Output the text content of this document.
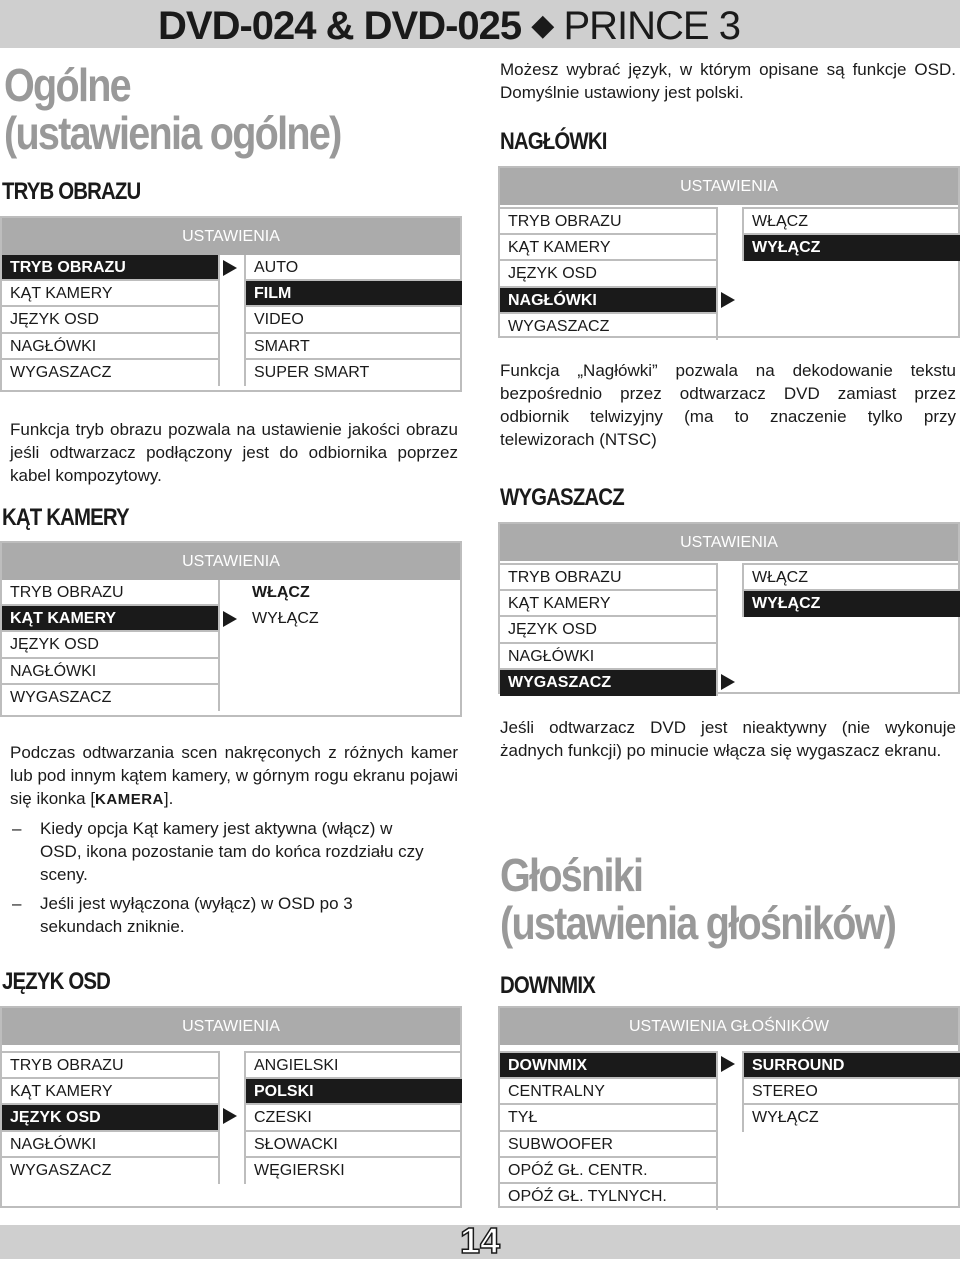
DVD-024 & DVD-025 ◆ PRINCE 3
Ogólne
(ustawienia ogólne)
TRYB OBRAZU
USTAWIENIA
TRYB OBRAZU
KĄT KAMERY
JĘZYK OSD
NAGŁÓWKI
WYGASZACZ
AUTO
FILM
VIDEO
SMART
SUPER SMART
Funkcja tryb obrazu pozwala na ustawienie jakości obrazu jeśli odtwarzacz podłączony jest do odbiornika poprzez kabel kompozytowy.
KĄT KAMERY
USTAWIENIA
TRYB OBRAZU
KĄT KAMERY
JĘZYK OSD
NAGŁÓWKI
WYGASZACZ
WŁĄCZ
WYŁĄCZ
Podczas odtwarzania scen nakręconych z różnych kamer lub pod innym kątem kamery, w górnym rogu ekranu pojawi się ikonka [KAMERA].
– Kiedy opcja Kąt kamery jest aktywna (włącz) w OSD, ikona pozostanie tam do końca rozdziału czy sceny.
– Jeśli jest wyłączona (wyłącz) w OSD po 3 sekundach zniknie.
JĘZYK OSD
USTAWIENIA
TRYB OBRAZU
KĄT KAMERY
JĘZYK OSD
NAGŁÓWKI
WYGASZACZ
ANGIELSKI
POLSKI
CZESKI
SŁOWACKI
WĘGIERSKI
Możesz wybrać język, w którym opisane są funkcje OSD. Domyślnie ustawiony jest polski.
NAGŁÓWKI
USTAWIENIA
TRYB OBRAZU
KĄT KAMERY
JĘZYK OSD
NAGŁÓWKI
WYGASZACZ
WŁĄCZ
WYŁĄCZ
Funkcja „Nagłówki” pozwala na dekodowanie tekstu bezpośrednio przez odtwarzacz DVD zamiast przez odbiornik telwizyjny (ma to znaczenie tylko przy telewizorach (NTSC)
WYGASZACZ
USTAWIENIA
TRYB OBRAZU
KĄT KAMERY
JĘZYK OSD
NAGŁÓWKI
WYGASZACZ
WŁĄCZ
WYŁĄCZ
Jeśli odtwarzacz DVD jest nieaktywny (nie wykonuje żadnych funkcji) po minucie włącza się wygaszacz ekranu.
Głośniki
(ustawienia głośników)
DOWNMIX
USTAWIENIA GŁOŚNIKÓW
DOWNMIX
CENTRALNY
TYŁ
SUBWOOFER
OPÓŹ GŁ. CENTR.
OPÓŹ GŁ. TYLNYCH.
SURROUND
STEREO
WYŁĄCZ
14
